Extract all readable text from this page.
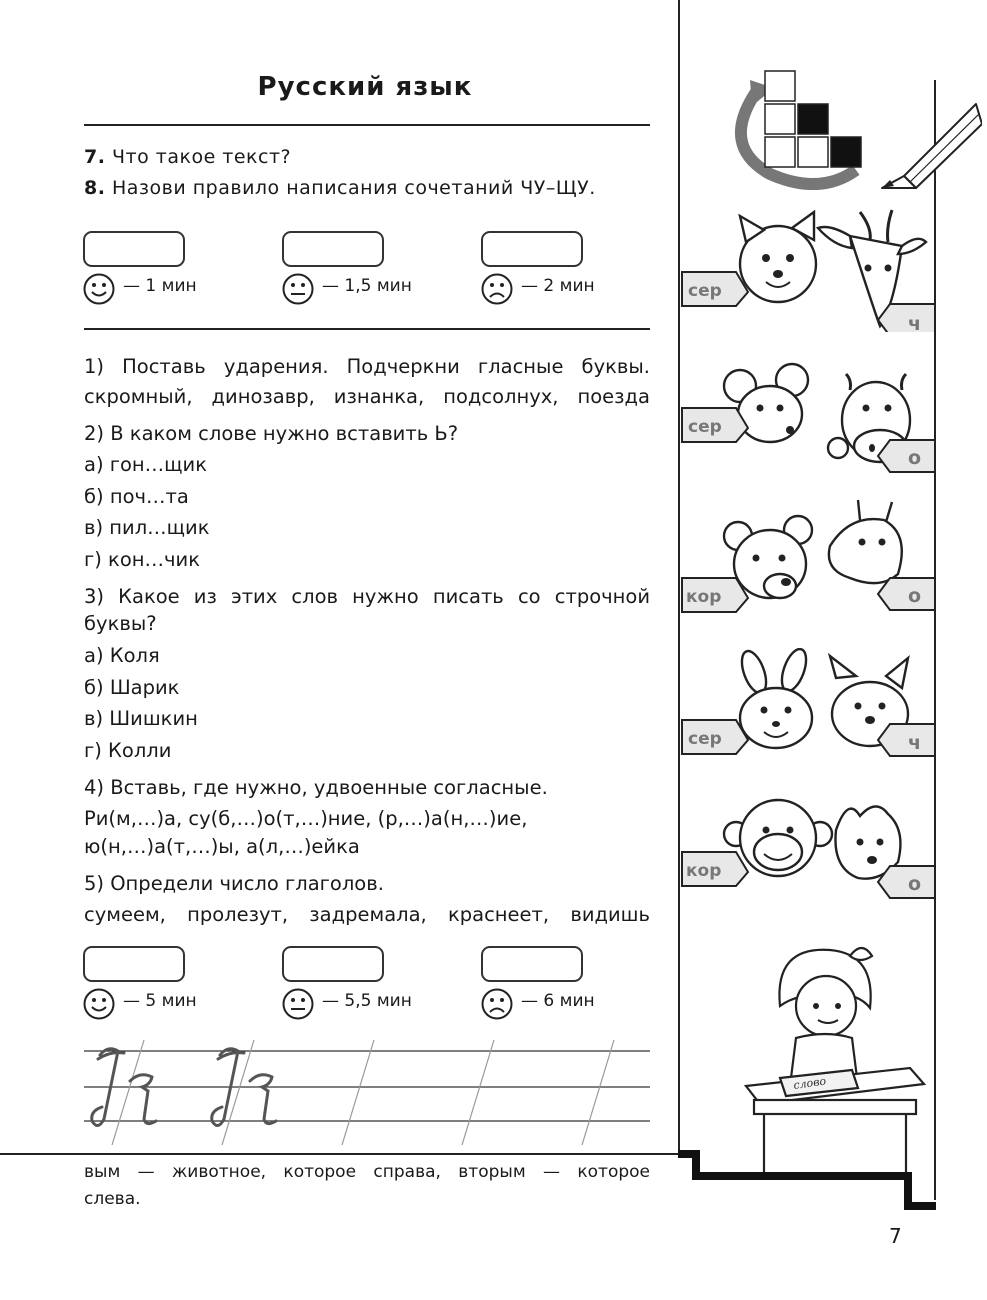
Русский язык
7. Что такое текст?
8. Назови правило написания сочетаний ЧУ–ЩУ.
— 1 мин	— 1,5 мин	— 2 мин
1) Поставь ударения. Подчеркни гласные буквы.
скромный, динозавр, изнанка, подсолнух, поезда
2) В каком слове нужно вставить Ь?
а) гон…щик
б) поч…та
в) пил…щик
г) кон…чик
3) Какое из этих слов нужно писать со строчной
буквы?
а) Коля
б) Шарик
в) Шишкин
г) Колли
4) Вставь, где нужно, удвоенные согласные.
Ри(м,…)а, су(б,…)о(т,…)ние, (р,…)а(н,…)ие,
ю(н,…)а(т,…)ы, а(л,…)ейка
5) Определи число глаголов.
сумеем, пролезут, задремала, краснеет, видишь
— 5 мин	— 5,5 мин	— 6 мин
вым — животное, которое справа, вторым — которое
слева.
7
сер
ч
сер
о
кор	о
сер	ч
кор
о
слово
